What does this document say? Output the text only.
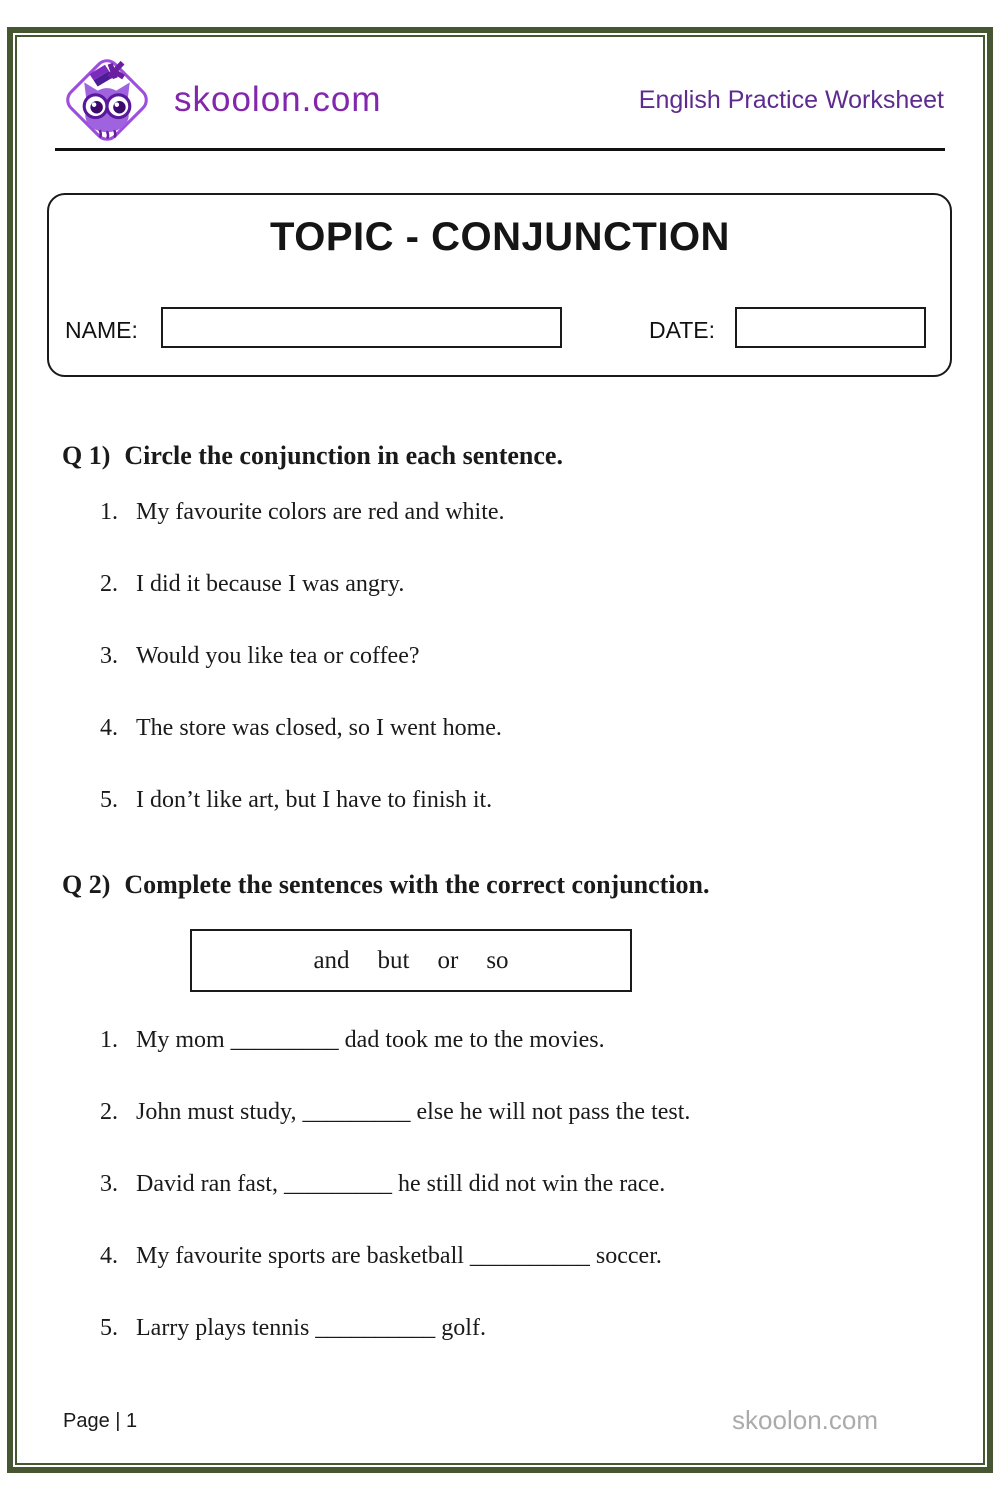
skoolon.com	English Practice Worksheet
TOPIC - CONJUNCTION
NAME:	DATE:
Q 1) Circle the conjunction in each sentence.
1. My favourite colors are red and white.
2. I did it because I was angry.
3. Would you like tea or coffee?
4. The store was closed, so I went home.
5. I don’t like art, but I have to finish it.
Q 2) Complete the sentences with the correct conjunction.
and but or so
1. My mom _________ dad took me to the movies.
2. John must study, _________ else he will not pass the test.
3. David ran fast, _________ he still did not win the race.
4. My favourite sports are basketball __________ soccer.
5. Larry plays tennis __________ golf.
Page | 1	skoolon.com
